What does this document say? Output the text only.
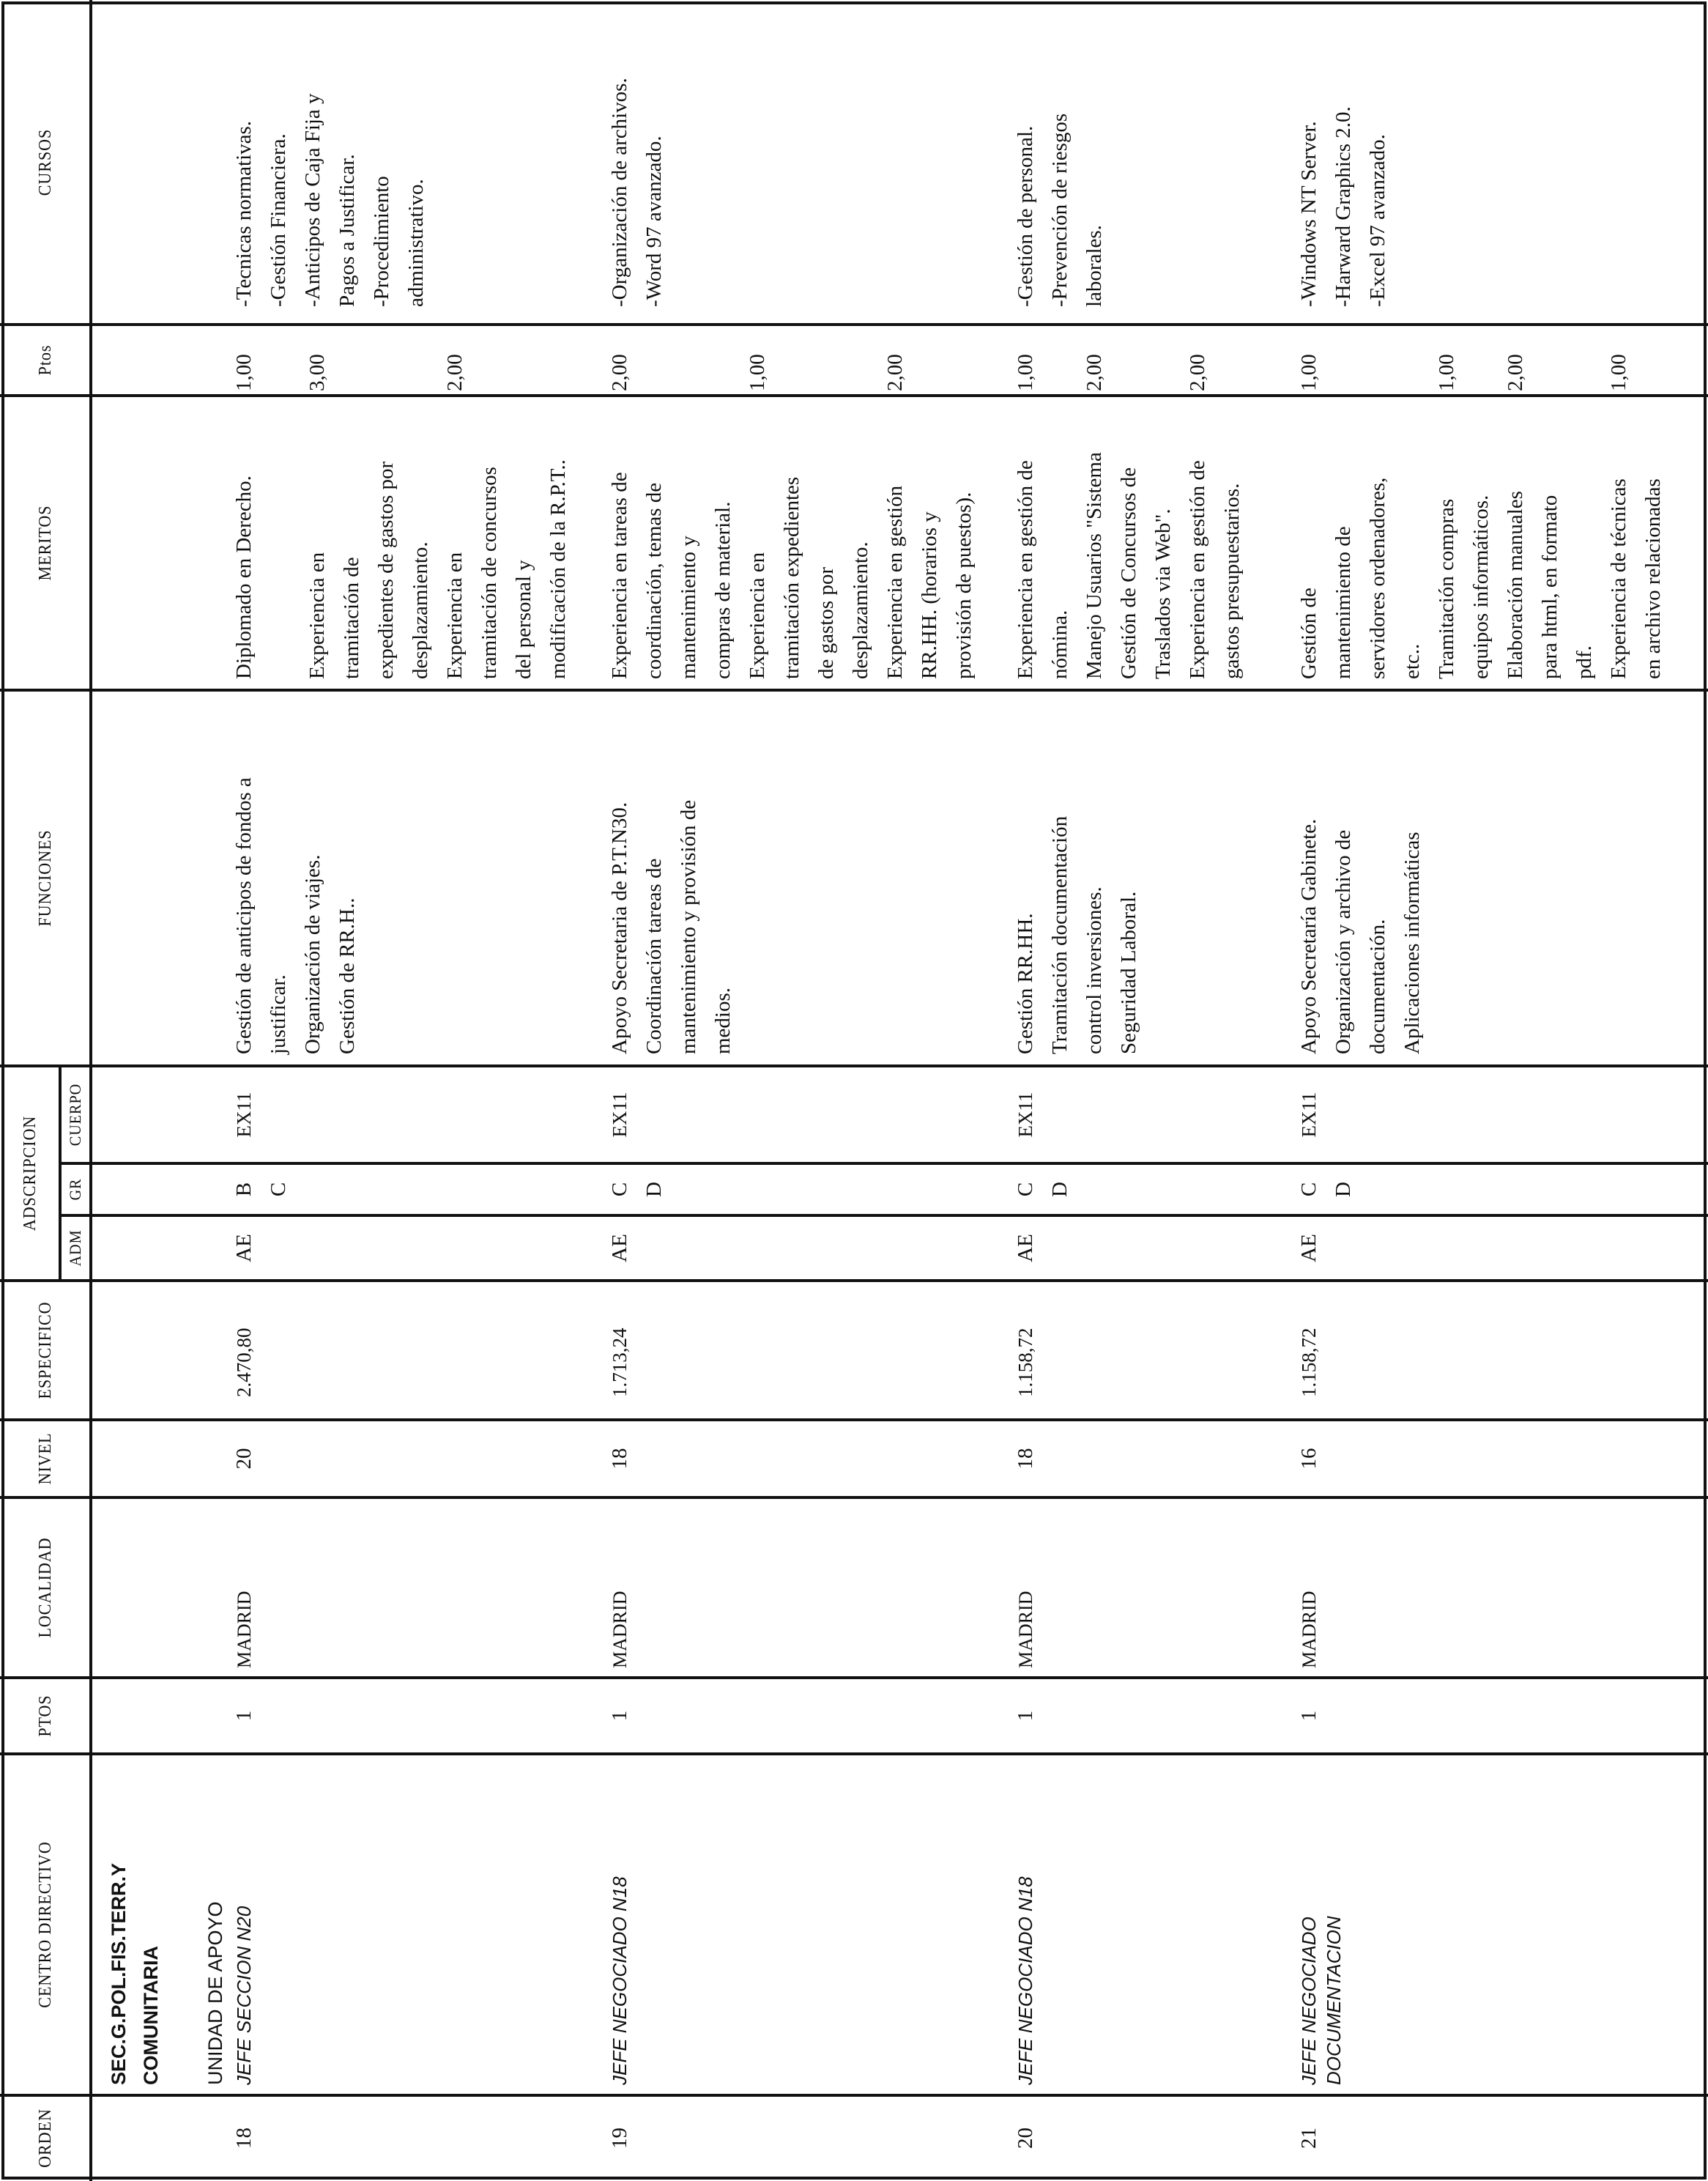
ORDEN
CENTRO DIRECTIVO
PTOS
LOCALIDAD
NIVEL
ESPECIFICO
ADSCRIPCION
ADM
GR
CUERPO
FUNCIONES
MERITOS
Ptos
CURSOS
SEC.G.POL.FIS.TERR.Y COMUNITARIA UNIDAD DE APOYO
18
JEFE SECCION N20
1
MADRID
20
2.470,80
AE
B
C
EX11
Gestión de anticipos de fondos a
justificar.
Organización de viajes.
Gestión de RR.H..
-Tecnicas normativas.
-Gestión Financiera.
-Anticipos de Caja Fija y
Pagos a Justificar.
-Procedimiento
administrativo.
Diplomado en Derecho.
1,00
Experiencia en
tramitación de
expedientes de gastos por
desplazamiento.
3,00
Experiencia en
tramitación de concursos
del personal y
modificación de la R.P.T..
2,00
19
JEFE NEGOCIADO N18
1
MADRID
18
1.713,24
AE
C
D
EX11
Apoyo Secretaria de P.T.N30.
Coordinación tareas de
mantenimiento y provisión de
medios.
-Organización de archivos.
-Word 97 avanzado.
Experiencia en tareas de
coordinación, temas de
mantenimiento y
compras de material.
2,00
Experiencia en
tramitación expedientes
de gastos por
desplazamiento.
1,00
Experiencia en gestión
RR.HH. (horarios y
provisión de puestos).
2,00
20
JEFE NEGOCIADO N18
1
MADRID
18
1.158,72
AE
C
D
EX11
Gestión RR.HH.
Tramitación documentación
control inversiones.
Seguridad Laboral.
-Gestión de personal.
-Prevención de riesgos
laborales.
Experiencia en gestión de
nómina.
1,00
Manejo Usuarios "Sistema
Gestión de Concursos de
Traslados via Web".
2,00
Experiencia en gestión de
gastos presupuestarios.
2,00
21
JEFE NEGOCIADO
DOCUMENTACION
1
MADRID
16
1.158,72
AE
C
D
EX11
Apoyo Secretaría Gabinete.
Organización y archivo de
documentación.
Aplicaciones informáticas
-Windows NT Server.
-Harward Graphics 2.0.
-Excel 97 avanzado.
Gestión de
mantenimiento de
servidores ordenadores,
etc..
1,00
Tramitación compras
equipos informáticos.
1,00
Elaboración manuales
para html, en formato
pdf.
2,00
Experiencia de técnicas
en archivo relacionadas
1,00
